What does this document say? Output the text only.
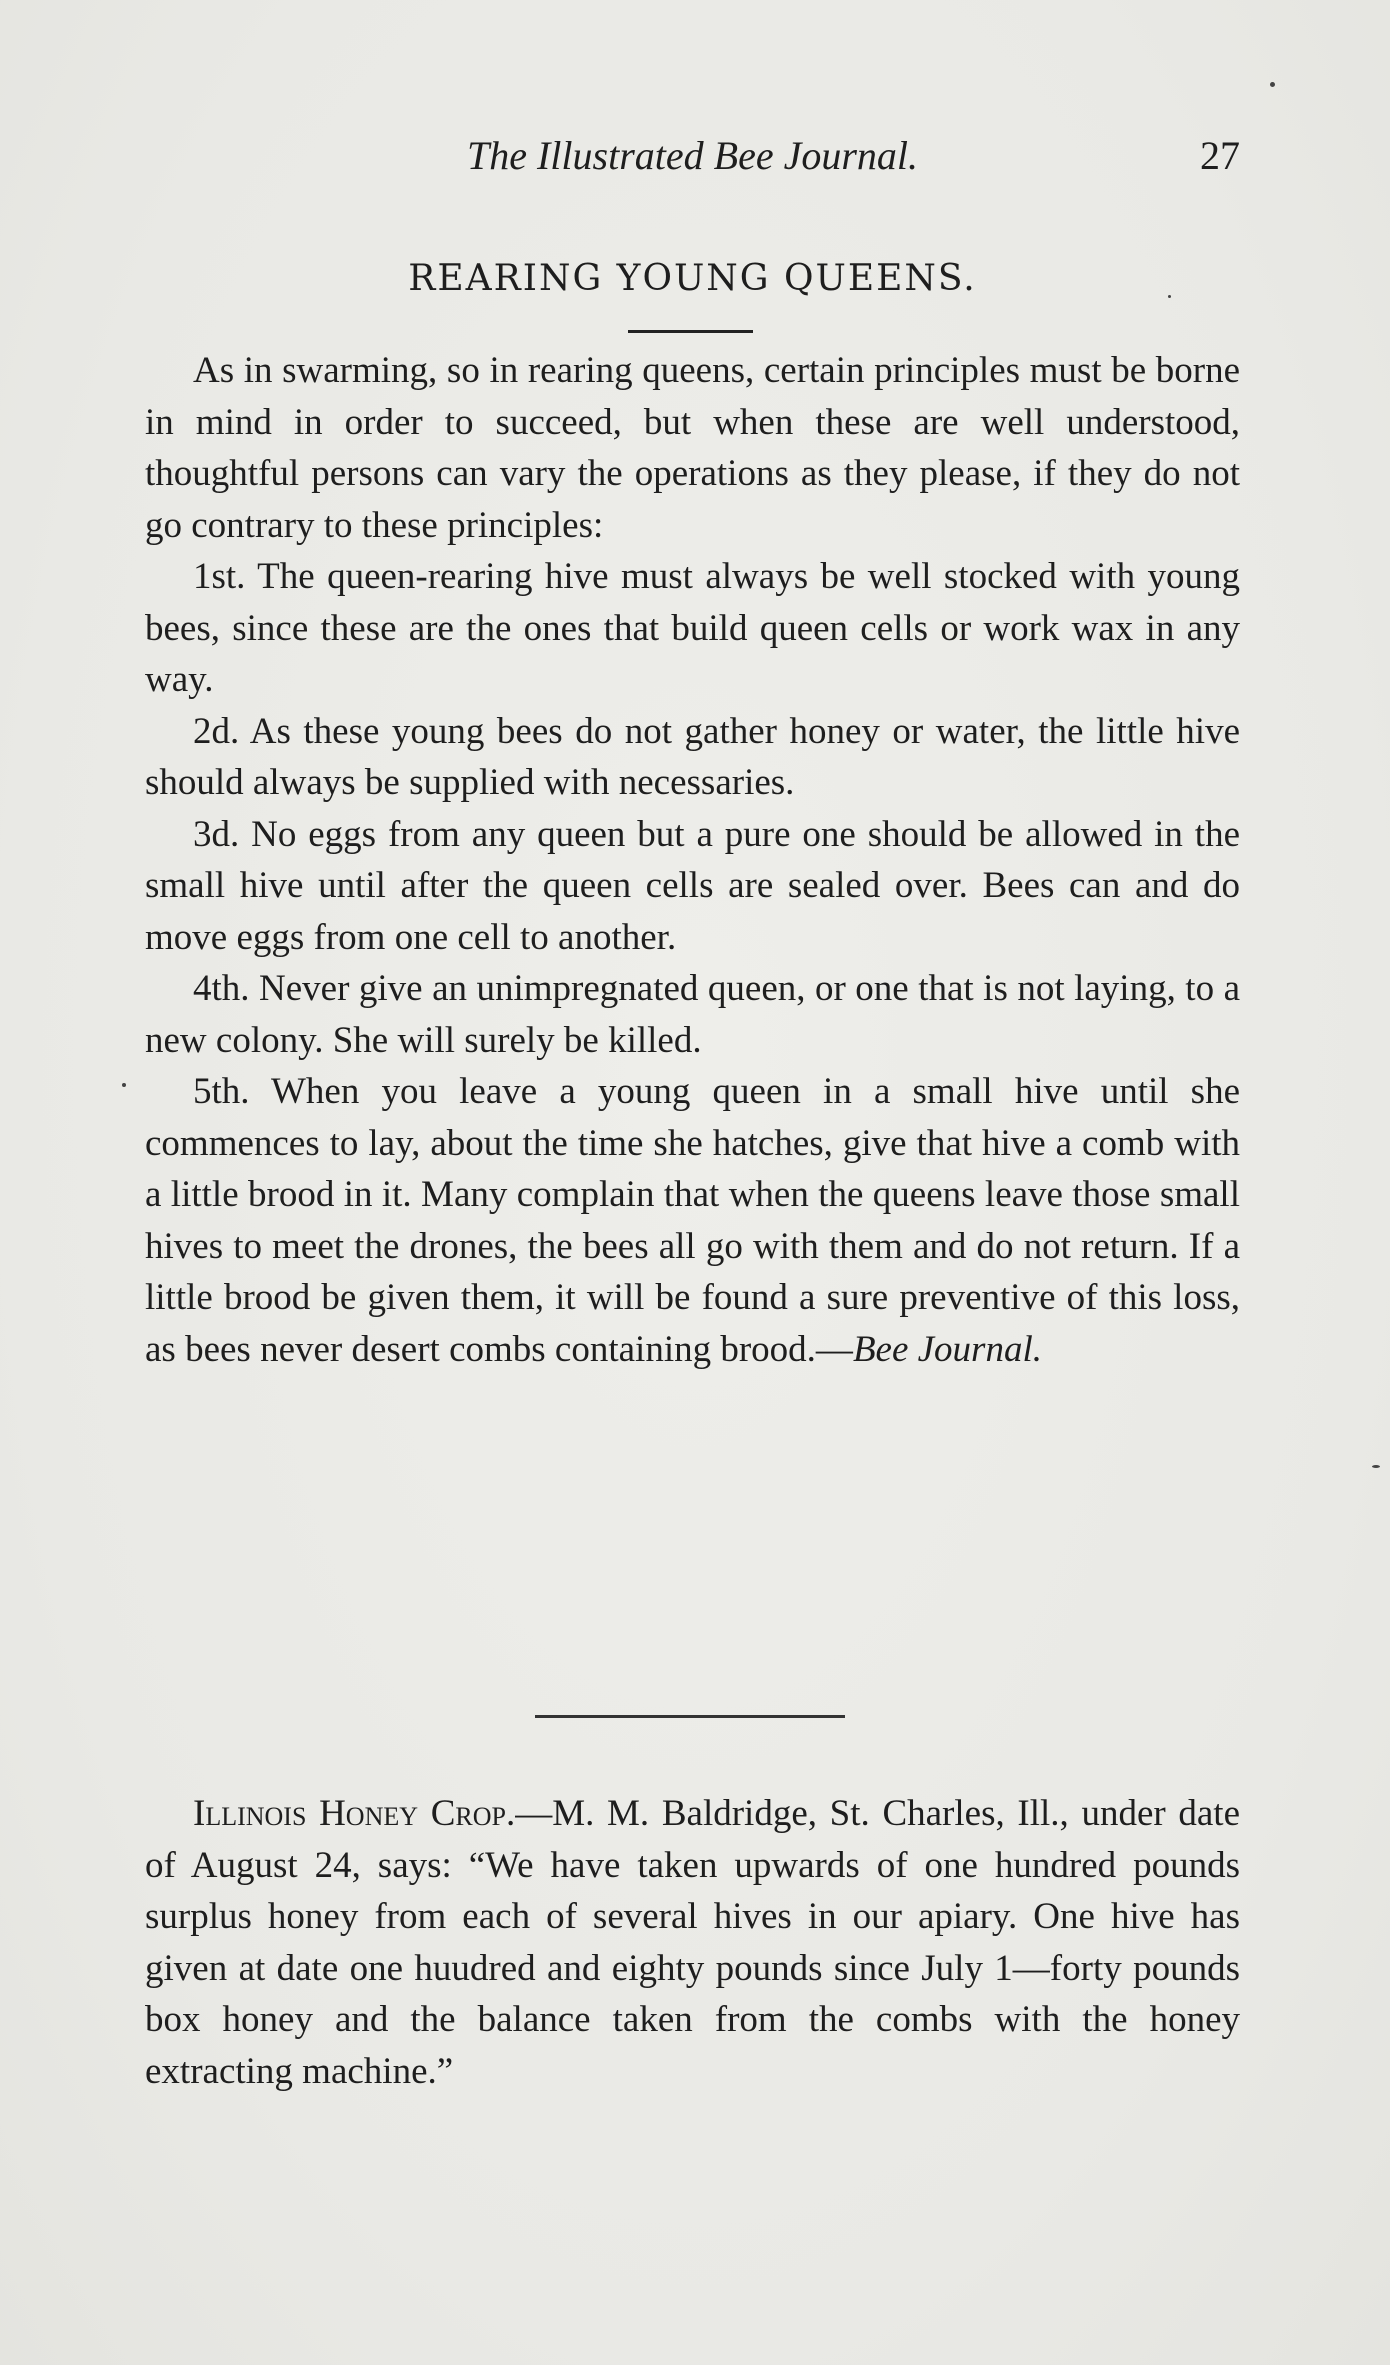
The Illustrated Bee Journal.	27
REARING YOUNG QUEENS.

As in swarming, so in rearing queens, certain principles must be borne in mind in order to succeed, but when these are well understood, thoughtful persons can vary the operations as they please, if they do not go contrary to these principles:

1st. The queen-rearing hive must always be well stocked with young bees, since these are the ones that build queen cells or work wax in any way.

2d. As these young bees do not gather honey or water, the little hive should always be supplied with necessaries.

3d. No eggs from any queen but a pure one should be allowed in the small hive until after the queen cells are sealed over. Bees can and do move eggs from one cell to another.

4th. Never give an unimpregnated queen, or one that is not laying, to a new colony. She will surely be killed.

5th. When you leave a young queen in a small hive until she commences to lay, about the time she hatches, give that hive a comb with a little brood in it. Many complain that when the queens leave those small hives to meet the drones, the bees all go with them and do not return. If a little brood be given them, it will be found a sure preventive of this loss, as bees never desert combs containing brood.—Bee Journal.

Illinois Honey Crop.—M. M. Baldridge, St. Charles, Ill., under date of August 24, says: “We have taken upwards of one hundred pounds surplus honey from each of several hives in our apiary. One hive has given at date one huudred and eighty pounds since July 1—forty pounds box honey and the balance taken from the combs with the honey extracting machine.”
